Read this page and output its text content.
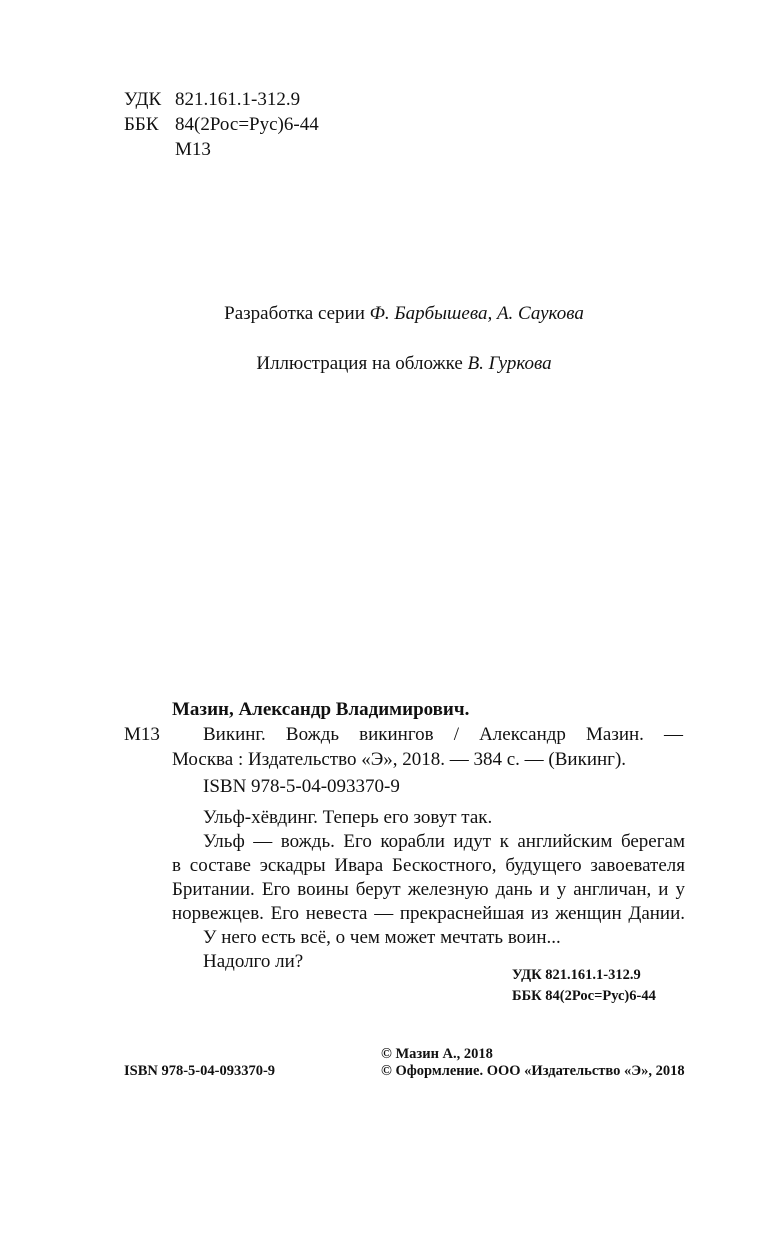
УДК 821.161.1-312.9
ББК 84(2Рос=Рус)6-44
М13
Разработка серии Ф. Барбышева, А. Саукова
Иллюстрация на обложке В. Гуркова
Мазин, Александр Владимирович.
М13 Викинг. Вождь викингов / Александр Мазин. —
Москва : Издательство «Э», 2018. — 384 с. — (Викинг).
ISBN 978-5-04-093370-9
Ульф-хёвдинг. Теперь его зовут так.
Ульф — вождь. Его корабли идут к английским берегам
в составе эскадры Ивара Бескостного, будущего завоевателя
Британии. Его воины берут железную дань и у англичан, и у
норвежцев. Его невеста — прекраснейшая из женщин Дании.
У него есть всё, о чем может мечтать воин...
Надолго ли?
УДК 821.161.1-312.9
ББК 84(2Рос=Рус)6-44
© Мазин А., 2018
ISBN 978-5-04-093370-9	© Оформление. ООО «Издательство «Э», 2018
